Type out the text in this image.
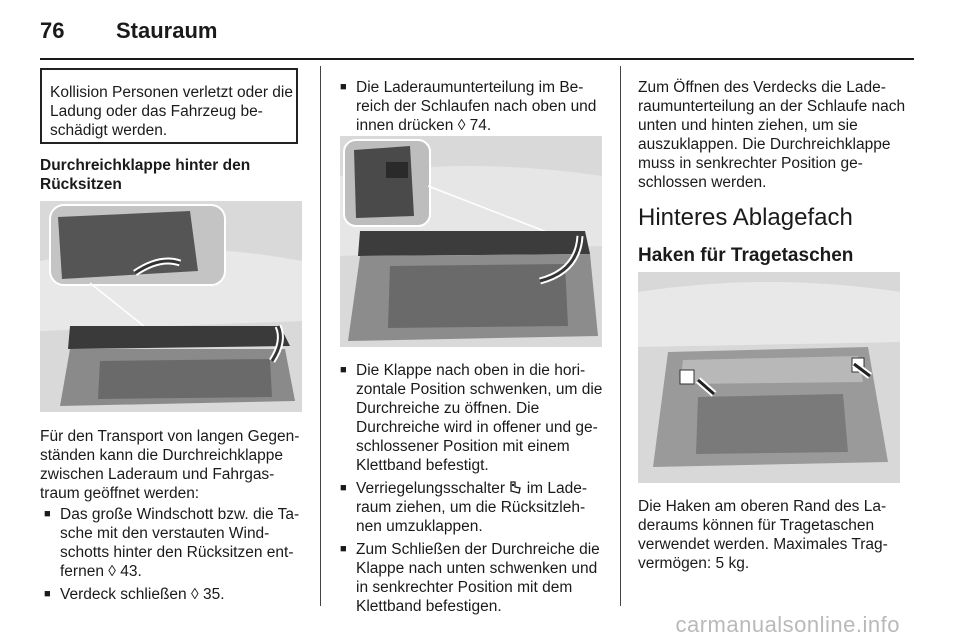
76 Stauraum
Kollision Personen verletzt oder die Ladung oder das Fahrzeug be-schädigt werden.
Durchreichklappe hinter den Rücksitzen
Für den Transport von langen Gegen-ständen kann die Durchreichklappe zwischen Laderaum und Fahrgas-traum geöffnet werden:
■ Das große Windschott bzw. die Ta-sche mit den verstauten Wind-schotts hinter den Rücksitzen ent-fernen ◊ 43.
■ Verdeck schließen ◊ 35.
■ Die Laderaumunterteilung im Be-reich der Schlaufen nach oben und innen drücken ◊ 74.
■ Die Klappe nach oben in die hori-zontale Position schwenken, um die Durchreiche zu öffnen. Die Durchreiche wird in offener und ge-schlossener Position mit einem Klettband befestigt.
■ Verriegelungsschalter im Lade-raum ziehen, um die Rücksitzleh-nen umzuklappen.
■ Zum Schließen der Durchreiche die Klappe nach unten schwenken und in senkrechter Position mit dem Klettband befestigen.
Zum Öffnen des Verdecks die Lade-raumunterteilung an der Schlaufe nach unten und hinten ziehen, um sie auszuklappen. Die Durchreichklappe muss in senkrechter Position ge-schlossen werden.
Hinteres Ablagefach
Haken für Tragetaschen
Die Haken am oberen Rand des La-deraums können für Tragetaschen verwendet werden. Maximales Trag-vermögen: 5 kg.
carmanualsonline.info
